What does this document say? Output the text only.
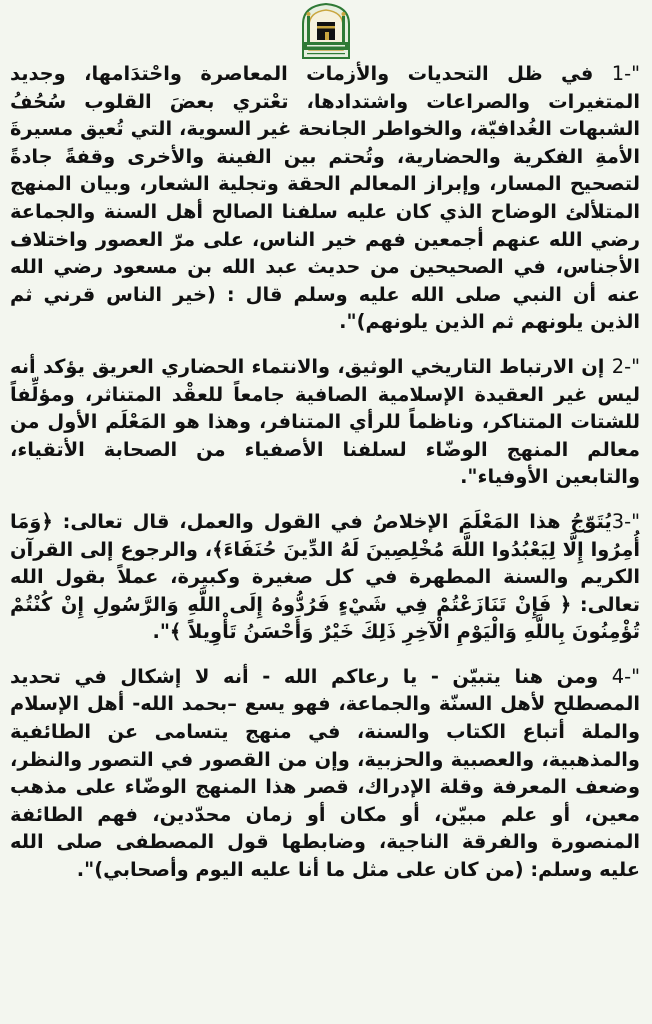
1-" في ظل التحديات والأزمات المعاصرة واحْتدَامها، وجديد المتغيرات والصراعات واشتدادها، تعْتري بعضَ القلوب سُحُفُ الشبهات الغُدافيّة، والخواطر الجانحة غير السوية، التي تُعيق مسيرةَ الأمةِ الفكرية والحضارية، وتُحتم بين الفينة والأخرى وقفةً جادةً لتصحيح المسار، وإبراز المعالم الحقة وتجلية الشعار، وبيان المنهج المتلألئ الوضاح الذي كان عليه سلفنا الصالح أهل السنة والجماعة رضي الله عنهم أجمعين فهم خير الناس، على مرّ العصور واختلاف الأجناس، في الصحيحين من حديث عبد الله بن مسعود رضي الله عنه أن النبي صلى الله عليه وسلم قال : (خير الناس قرني ثم الذين يلونهم ثم الذين يلونهم)".

2-" إن الارتباط التاريخي الوثيق، والانتماء الحضاري العريق يؤكد أنه ليس غير العقيدة الإسلامية الصافية جامعاً للعقْد المتناثر، ومؤلِّفاً للشتات المتناكر، وناظماً للرأي المتنافر، وهذا هو المَعْلَم الأول من معالم المنهج الوضّاء لسلفنا الأصفياء من الصحابة الأتقياء، والتابعين الأوفياء".

3-"يُتَوّجُ هذا المَعْلَمَ الإخلاصُ في القول والعمل، قال تعالى: ﴿وَمَا أُمِرُوا إِلَّا لِيَعْبُدُوا اللَّهَ مُخْلِصِينَ لَهُ الدِّينَ حُنَفَاءَ﴾، والرجوع إلى القرآن الكريم والسنة المطهرة في كل صغيرة وكبيرة، عملاً بقول الله تعالى: ﴿ فَإِنْ تَنَازَعْتُمْ فِي شَيْءٍ فَرُدُّوهُ إِلَى اللَّهِ وَالرَّسُولِ إِنْ كُنْتُمْ تُؤْمِنُونَ بِاللَّهِ وَالْيَوْمِ الْآخِرِ ذَلِكَ خَيْرٌ وَأَحْسَنُ تَأْوِيلاً ﴾".

4-" ومن هنا يتبيّن - يا رعاكم الله - أنه لا إشكال في تحديد المصطلح لأهل السنّة والجماعة، فهو يسع –بحمد الله- أهل الإسلام والملة أتباع الكتاب والسنة، في منهج يتسامى عن الطائفية والمذهبية، والعصبية والحزبية، وإن من القصور في التصور والنظر، وضعف المعرفة وقلة الإدراك، قصر هذا المنهج الوضّاء على مذهب معين، أو علم مبيّن، أو مكان أو زمان محدّدين، فهم الطائفة المنصورة والفرقة الناجية، وضابطها قول المصطفى صلى الله عليه وسلم: (من كان على مثل ما أنا عليه اليوم وأصحابي)".
